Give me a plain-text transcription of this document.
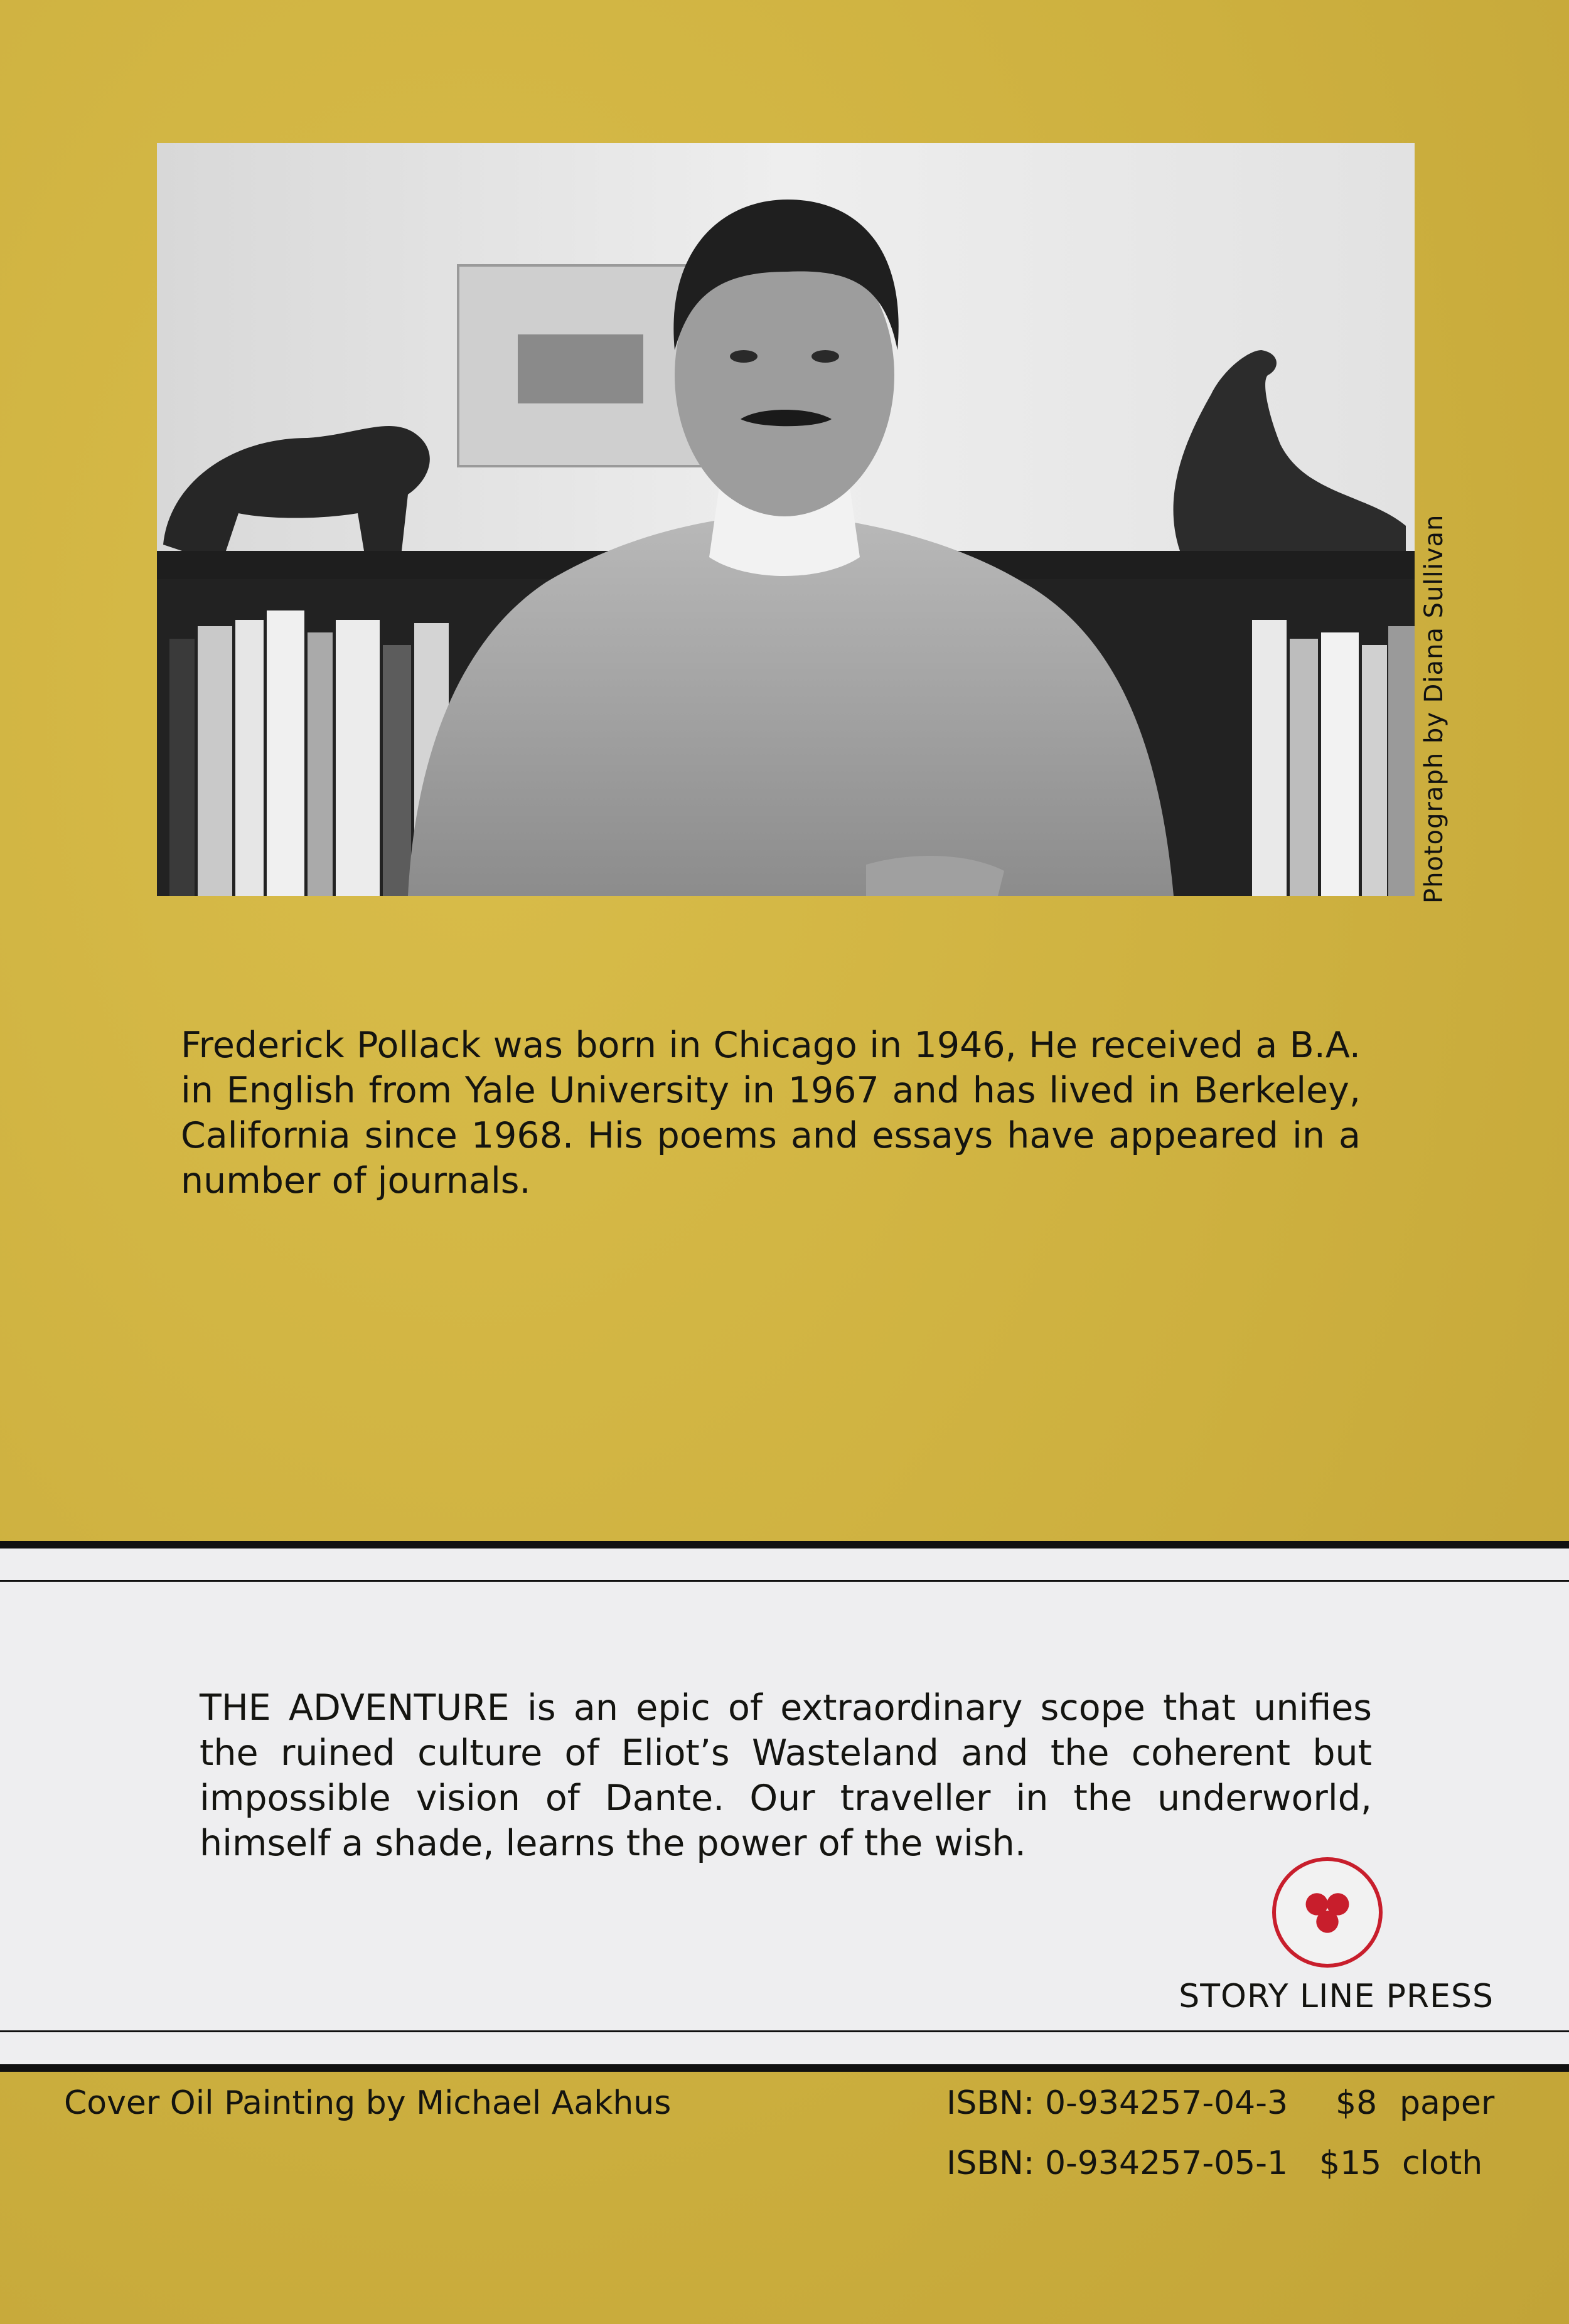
Photograph by Diana Sullivan
Frederick Pollack was born in Chicago in 1946, He received a B.A. in English from Yale University in 1967 and has lived in Berkeley, California since 1968. His poems and essays have appeared in a number of journals.
THE ADVENTURE is an epic of extraordinary scope that unifies the ruined culture of Eliot’s Wasteland and the coherent but impossible vision of Dante. Our traveller in the underworld, himself a shade, learns the power of the wish.
STORY LINE PRESS
Cover Oil Painting by Michael Aakhus	ISBN: 0-934257-04-3 $8 paper
ISBN: 0-934257-05-1 $15 cloth
